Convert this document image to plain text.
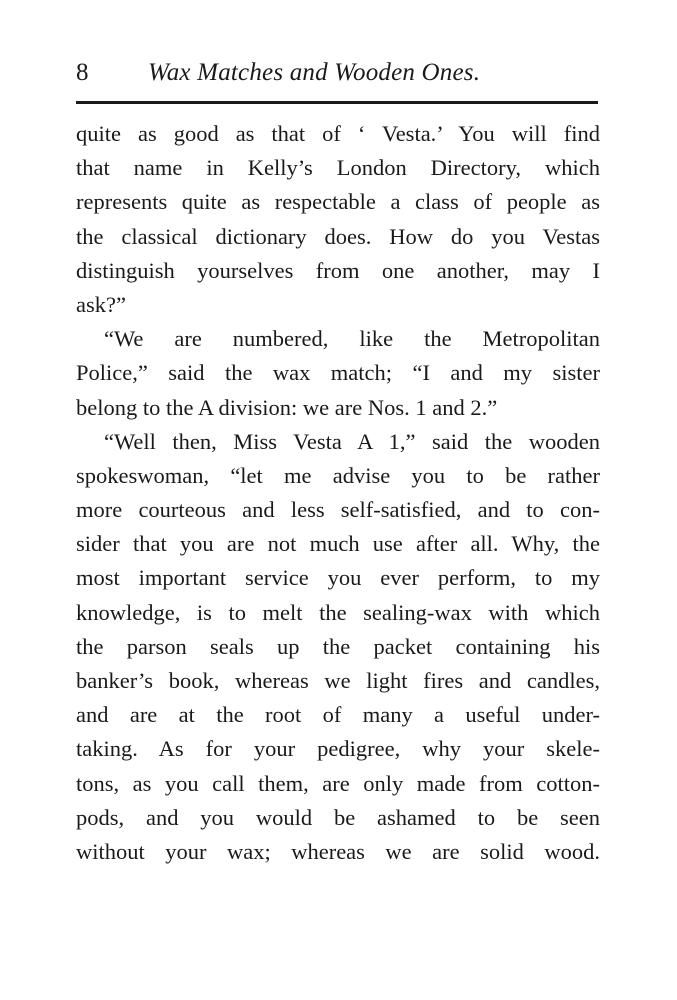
8 Wax Matches and Wooden Ones.
quite as good as that of ‘ Vesta.’ You will find
that name in Kelly’s London Directory, which
represents quite as respectable a class of people as
the classical dictionary does. How do you Vestas
distinguish yourselves from one another, may I
ask?”
“We are numbered, like the Metropolitan
Police,” said the wax match; “I and my sister
belong to the A division: we are Nos. 1 and 2.”
“Well then, Miss Vesta A 1,” said the wooden
spokeswoman, “let me advise you to be rather
more courteous and less self-satisfied, and to con-
sider that you are not much use after all. Why, the
most important service you ever perform, to my
knowledge, is to melt the sealing-wax with which
the parson seals up the packet containing his
banker’s book, whereas we light fires and candles,
and are at the root of many a useful under-
taking. As for your pedigree, why your skele-
tons, as you call them, are only made from cotton-
pods, and you would be ashamed to be seen
without your wax; whereas we are solid wood.
